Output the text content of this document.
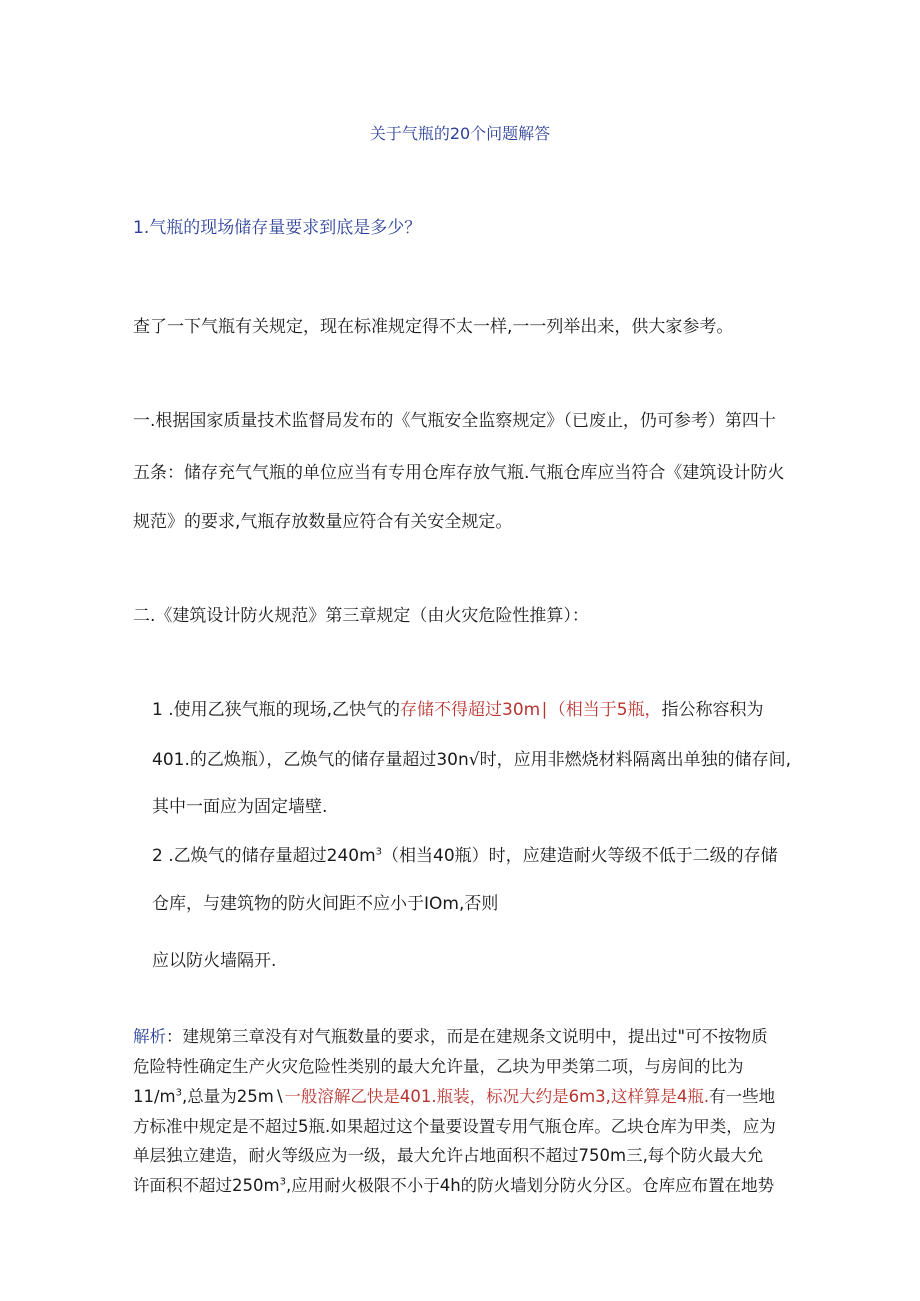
关于气瓶的20个问题解答
1.气瓶的现场储存量要求到底是多少？
查了一下气瓶有关规定，现在标准规定得不太一样,一一列举出来，供大家参考。
一.根据国家质量技术监督局发布的《气瓶安全监察规定》（已废止，仍可参考）第四十
五条：储存充气气瓶的单位应当有专用仓库存放气瓶.气瓶仓库应当符合《建筑设计防火
规范》的要求,气瓶存放数量应符合有关安全规定。
二.《建筑设计防火规范》第三章规定（由火灾危险性推算）：
1 .使用乙狭气瓶的现场,乙快气的存储不得超过30m∣（相当于5瓶，指公称容积为
401.的乙焕瓶），乙焕气的储存量超过30n√时，应用非燃烧材料隔离出单独的储存间,
其中一面应为固定墙壁.
2 .乙焕气的储存量超过$240m^3$（相当40瓶）时，应建造耐火等级不低于二级的存储
仓库，与建筑物的防火间距不应小于IOm,否则
应以防火墙隔开.
解析：建规第三章没有对气瓶数量的要求，而是在建规条文说明中，提出过"可不按物质
危险特性确定生产火灾危险性类别的最大允许量，乙块为甲类第二项，与房间的比为
$11∕m^3$,总量为25m∖一般溶解乙快是401.瓶装，标况大约是6m3,这样算是4瓶.有一些地
方标准中规定是不超过5瓶.如果超过这个量要设置专用气瓶仓库。乙块仓库为甲类，应为
单层独立建造，耐火等级应为一级，最大允许占地面积不超过750m三,每个防火最大允
许面积不超过$250m^3$,应用耐火极限不小于4h的防火墙划分防火分区。仓库应布置在地势
